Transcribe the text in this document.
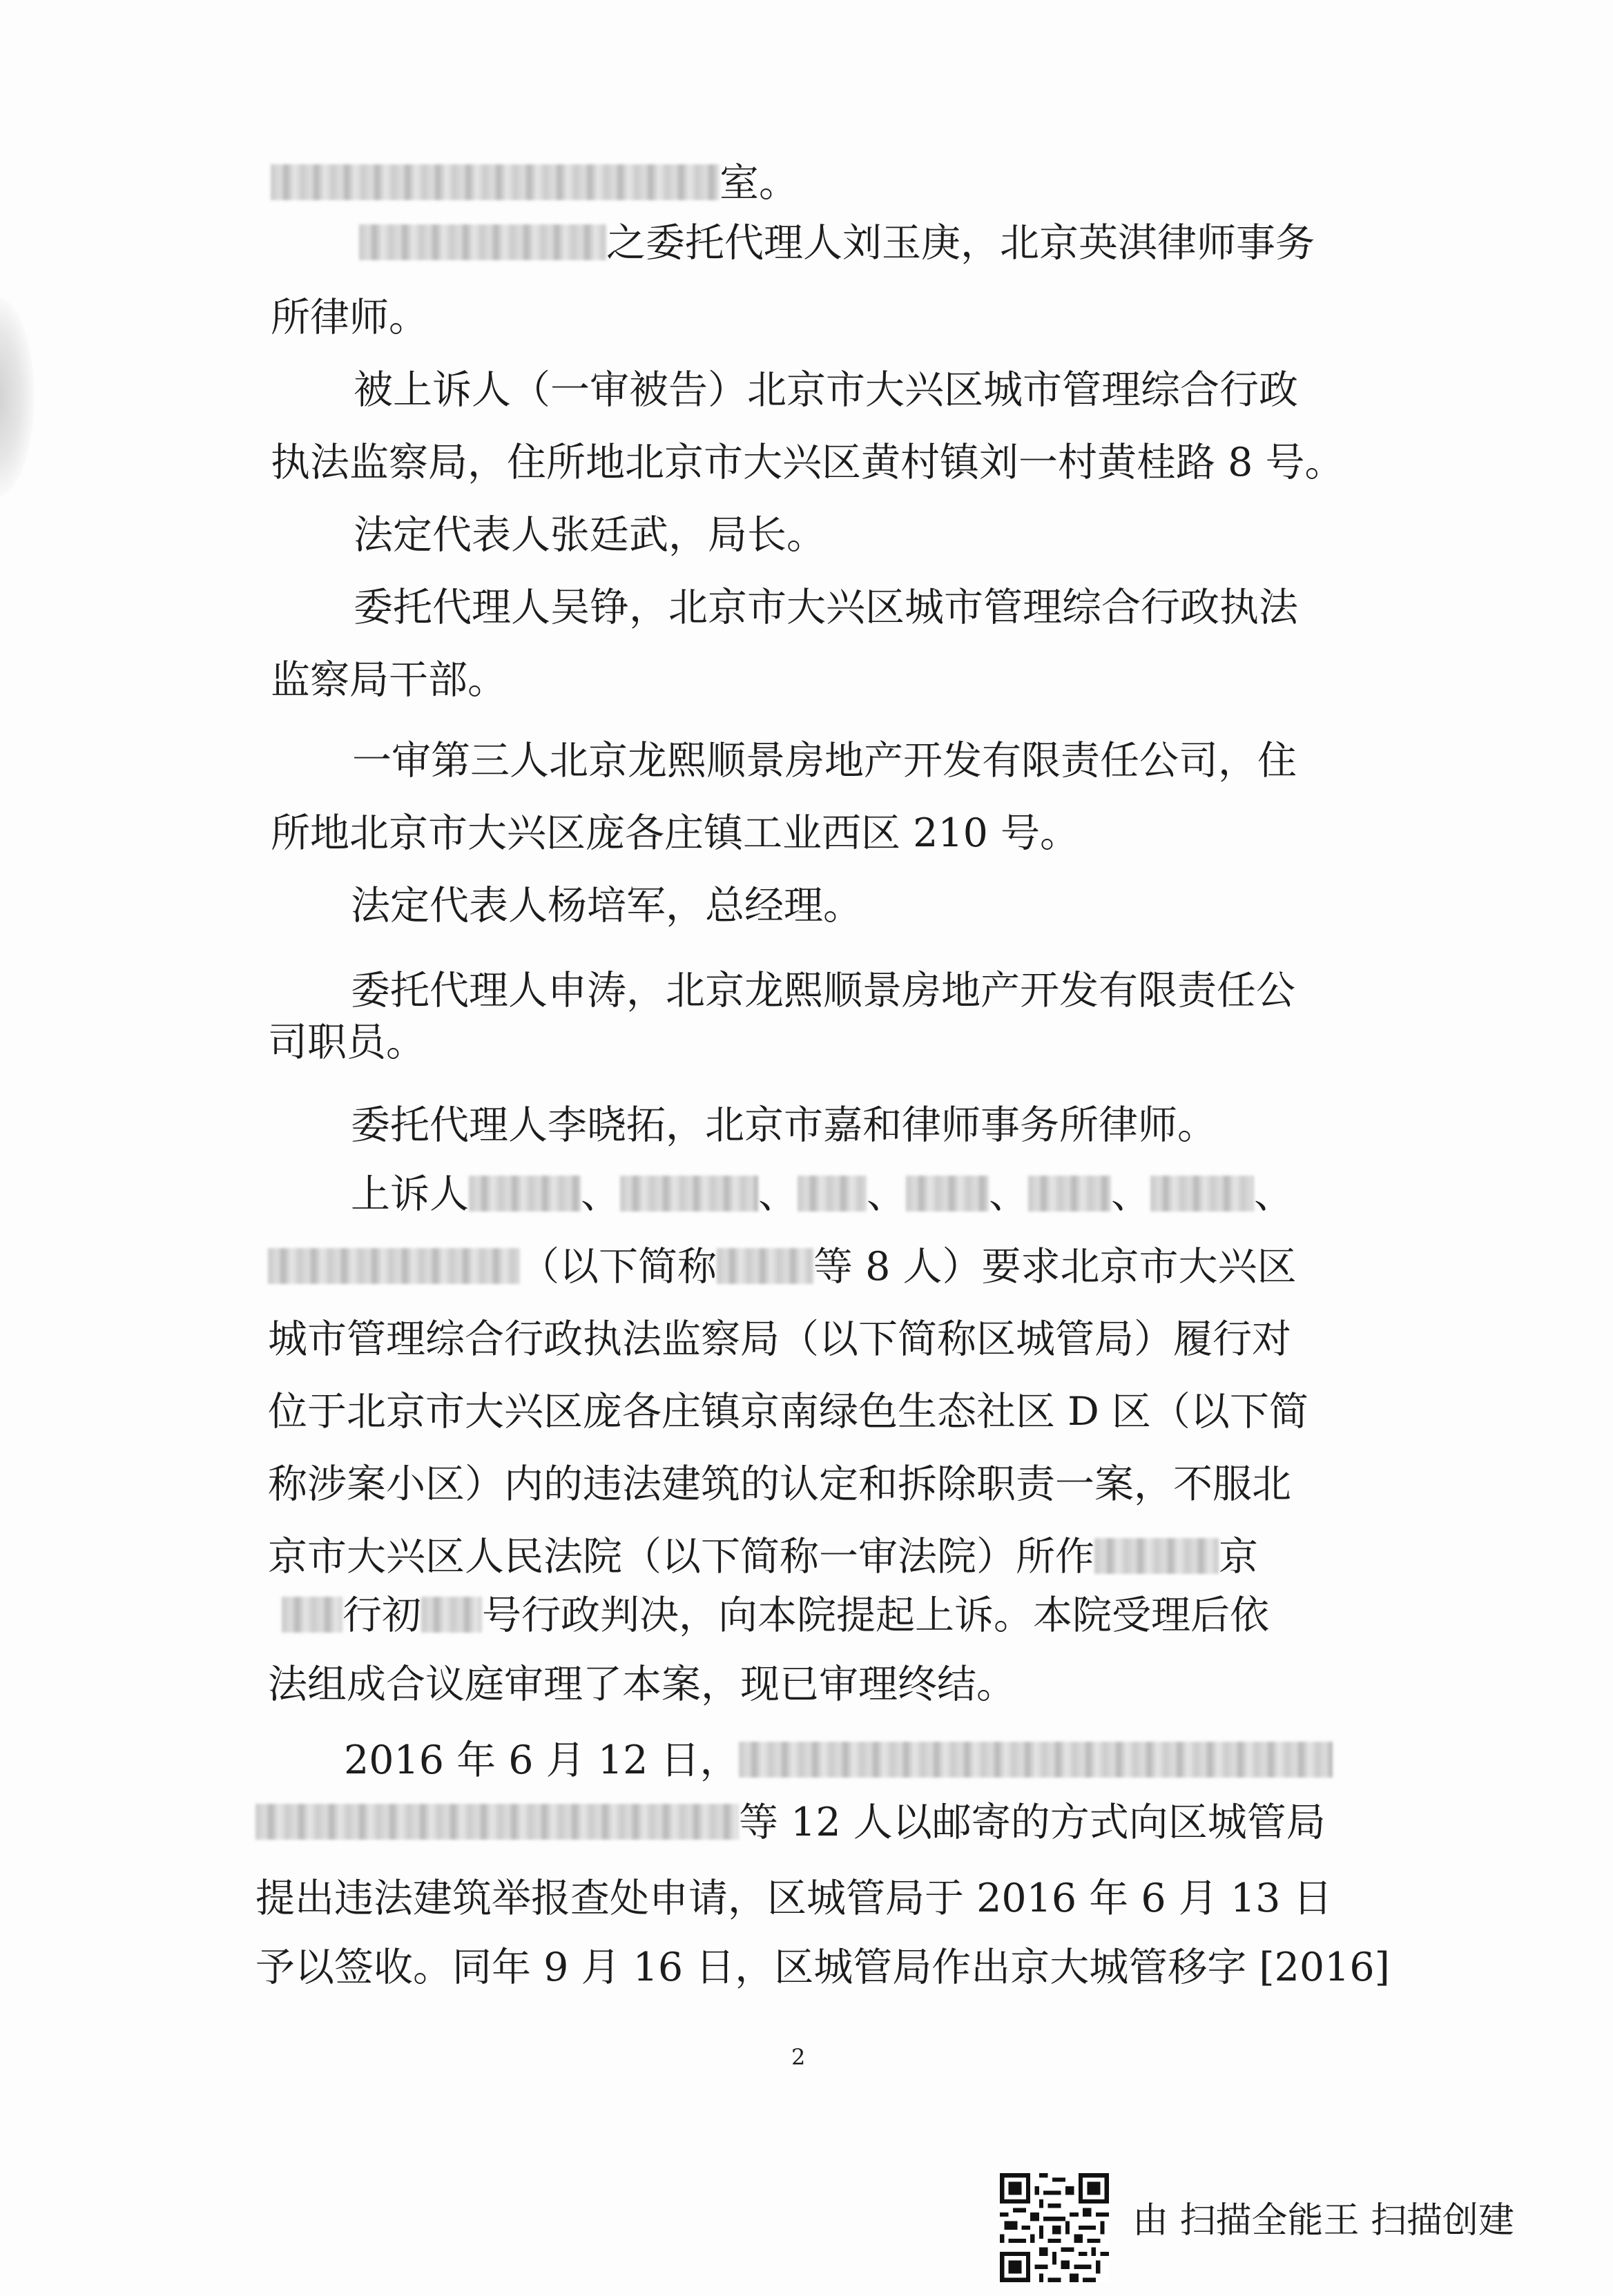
室。
之委托代理人刘玉庚，北京英淇律师事务
所律师。
被上诉人（一审被告）北京市大兴区城市管理综合行政
执法监察局，住所地北京市大兴区黄村镇刘一村黄桂路 8 号。
法定代表人张廷武，局长。
委托代理人吴铮，北京市大兴区城市管理综合行政执法
监察局干部。
一审第三人北京龙熙顺景房地产开发有限责任公司，住
所地北京市大兴区庞各庄镇工业西区 210 号。
法定代表人杨培军，总经理。
委托代理人申涛，北京龙熙顺景房地产开发有限责任公
司职员。
委托代理人李晓拓，北京市嘉和律师事务所律师。
上诉人	、	、 、 、 、	、
（以下简称 等 8 人）要求北京市大兴区
城市管理综合行政执法监察局（以下简称区城管局）履行对
位于北京市大兴区庞各庄镇京南绿色生态社区 D 区（以下简
称涉案小区）内的违法建筑的认定和拆除职责一案，不服北
京市大兴区人民法院（以下简称一审法院）所作	京
行初 号行政判决，向本院提起上诉。本院受理后依
法组成合议庭审理了本案，现已审理终结。
2016 年 6 月 12 日，
等 12 人以邮寄的方式向区城管局
提出违法建筑举报查处申请，区城管局于 2016 年 6 月 13 日
予以签收。同年 9 月 16 日，区城管局作出京大城管移字 [2016]
2
由 扫描全能王 扫描创建
